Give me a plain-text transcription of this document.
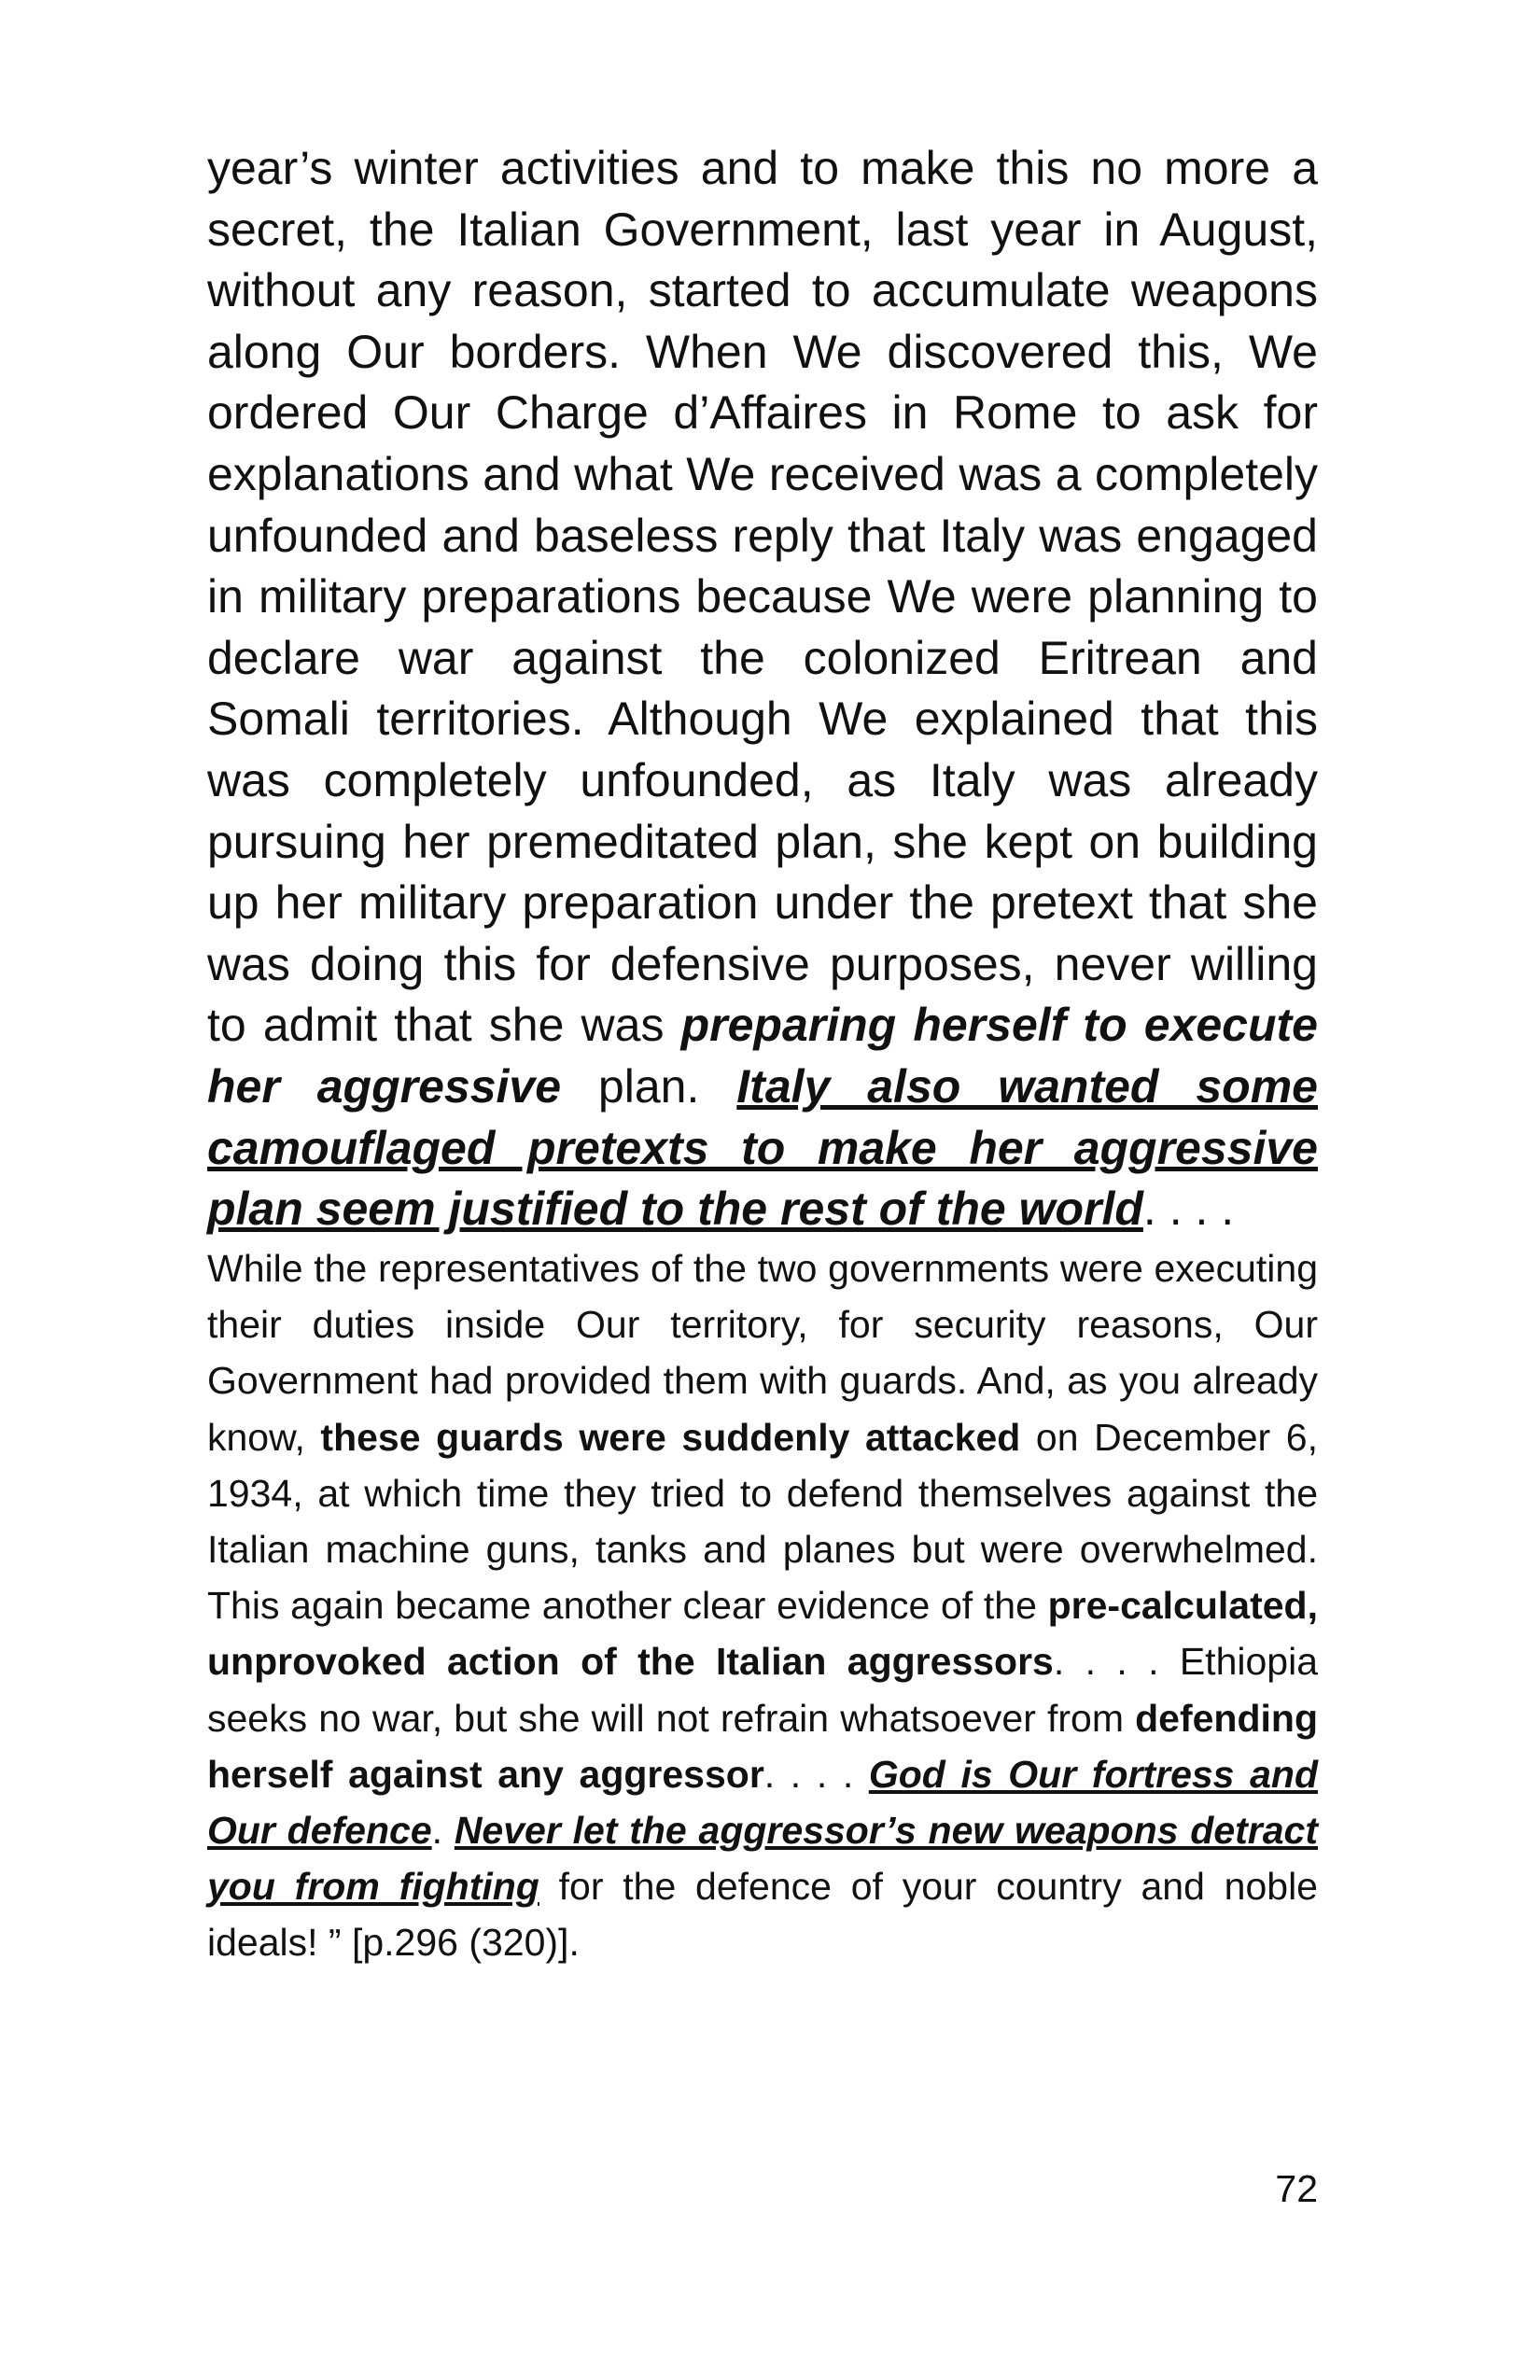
year’s winter activities and to make this no more a secret, the Italian Government, last year in August, without any reason, started to accumulate weapons along Our borders. When We discovered this, We ordered Our Charge d’Affaires in Rome to ask for explanations and what We received was a completely unfounded and baseless reply that Italy was engaged in military preparations because We were planning to declare war against the colonized Eritrean and Somali territories. Although We explained that this was completely unfounded, as Italy was already pursuing her premeditated plan, she kept on building up her military preparation under the pretext that she was doing this for defensive purposes, never willing to admit that she was preparing herself to execute her aggressive plan. Italy also wanted some camouflaged pretexts to make her aggressive plan seem justified to the rest of the world. . . .

While the representatives of the two governments were executing their duties inside Our territory, for security reasons, Our Government had provided them with guards. And, as you already know, these guards were suddenly attacked on December 6, 1934, at which time they tried to defend themselves against the Italian machine guns, tanks and planes but were overwhelmed. This again became another clear evidence of the pre-calculated, unprovoked action of the Italian aggressors. . . . Ethiopia seeks no war, but she will not refrain whatsoever from defending herself against any aggressor. . . . God is Our fortress and Our defence. Never let the aggressor’s new weapons detract you from fighting for the defence of your country and noble ideals! ” [p.296 (320)].

72
